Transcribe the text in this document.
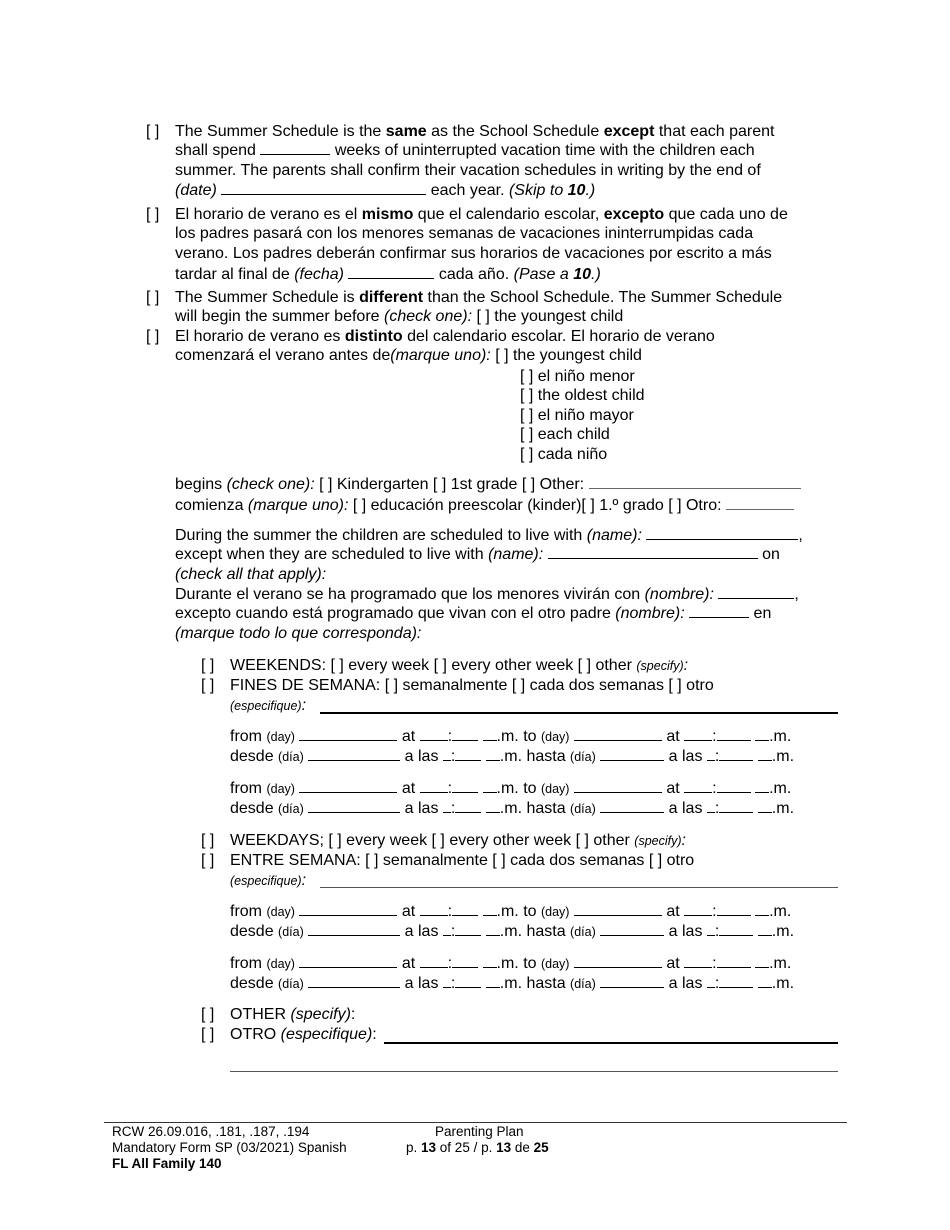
[ ] The Summer Schedule is the same as the School Schedule except that each parent
shall spend	weeks of uninterrupted vacation time with the children each
summer. The parents shall confirm their vacation schedules in writing by the end of
(date)	each year. (Skip to 10.)
[ ] El horario de verano es el mismo que el calendario escolar, excepto que cada uno de
los padres pasará con los menores semanas de vacaciones ininterrumpidas cada
verano. Los padres deberán confirmar sus horarios de vacaciones por escrito a más
tardar al final de (fecha)	cada año. (Pase a 10.)
[ ] The Summer Schedule is different than the School Schedule. The Summer Schedule
will begin the summer before (check one): [ ] the youngest child
[ ] El horario de verano es distinto del calendario escolar. El horario de verano
comenzará el verano antes de(marque uno): [ ] the youngest child
[ ] el niño menor
[ ] the oldest child
[ ] el niño mayor
[ ] each child
[ ] cada niño
begins (check one): [ ] Kindergarten [ ] 1st grade [ ] Other:
comienza (marque uno): [ ] educación preescolar (kinder)[ ] 1.º grado [ ] Otro:
During the summer the children are scheduled to live with (name):	,
except when they are scheduled to live with (name):	on
(check all that apply):
Durante el verano se ha programado que los menores vivirán con (nombre):	,
excepto cuando está programado que vivan con el otro padre (nombre):	en
(marque todo lo que corresponda):
[ ] WEEKENDS: [ ] every week [ ] every other week [ ] other (specify):
[ ] FINES DE SEMANA: [ ] semanalmente [ ] cada dos semanas [ ] otro
(especifique):
from (day)	at :	.m. to (day)	at :	.m.
desde (día)	a las :	.m. hasta (día)	a las :	.m.
from (day)	at :	.m. to (day)	at :	.m.
desde (día)	a las :	.m. hasta (día)	a las :	.m.
from (day)	at :	.m. to (day)	at :	.m.
desde (día)	a las :	.m. hasta (día)	a las :	.m.
from (day)	at :	.m. to (day)	at :	.m.
desde (día)	a las :	.m. hasta (día)	a las :	.m.
[ ] WEEKDAYS; [ ] every week [ ] every other week [ ] other (specify):
[ ] ENTRE SEMANA: [ ] semanalmente [ ] cada dos semanas [ ] otro
(especifique):
[ ] OTHER (specify):
[ ] OTRO (especifique):
RCW 26.09.016, .181, .187, .194
Mandatory Form SP (03/2021) Spanish
FL All Family 140
Parenting Plan
p. 13 of 25 / p. 13 de 25
